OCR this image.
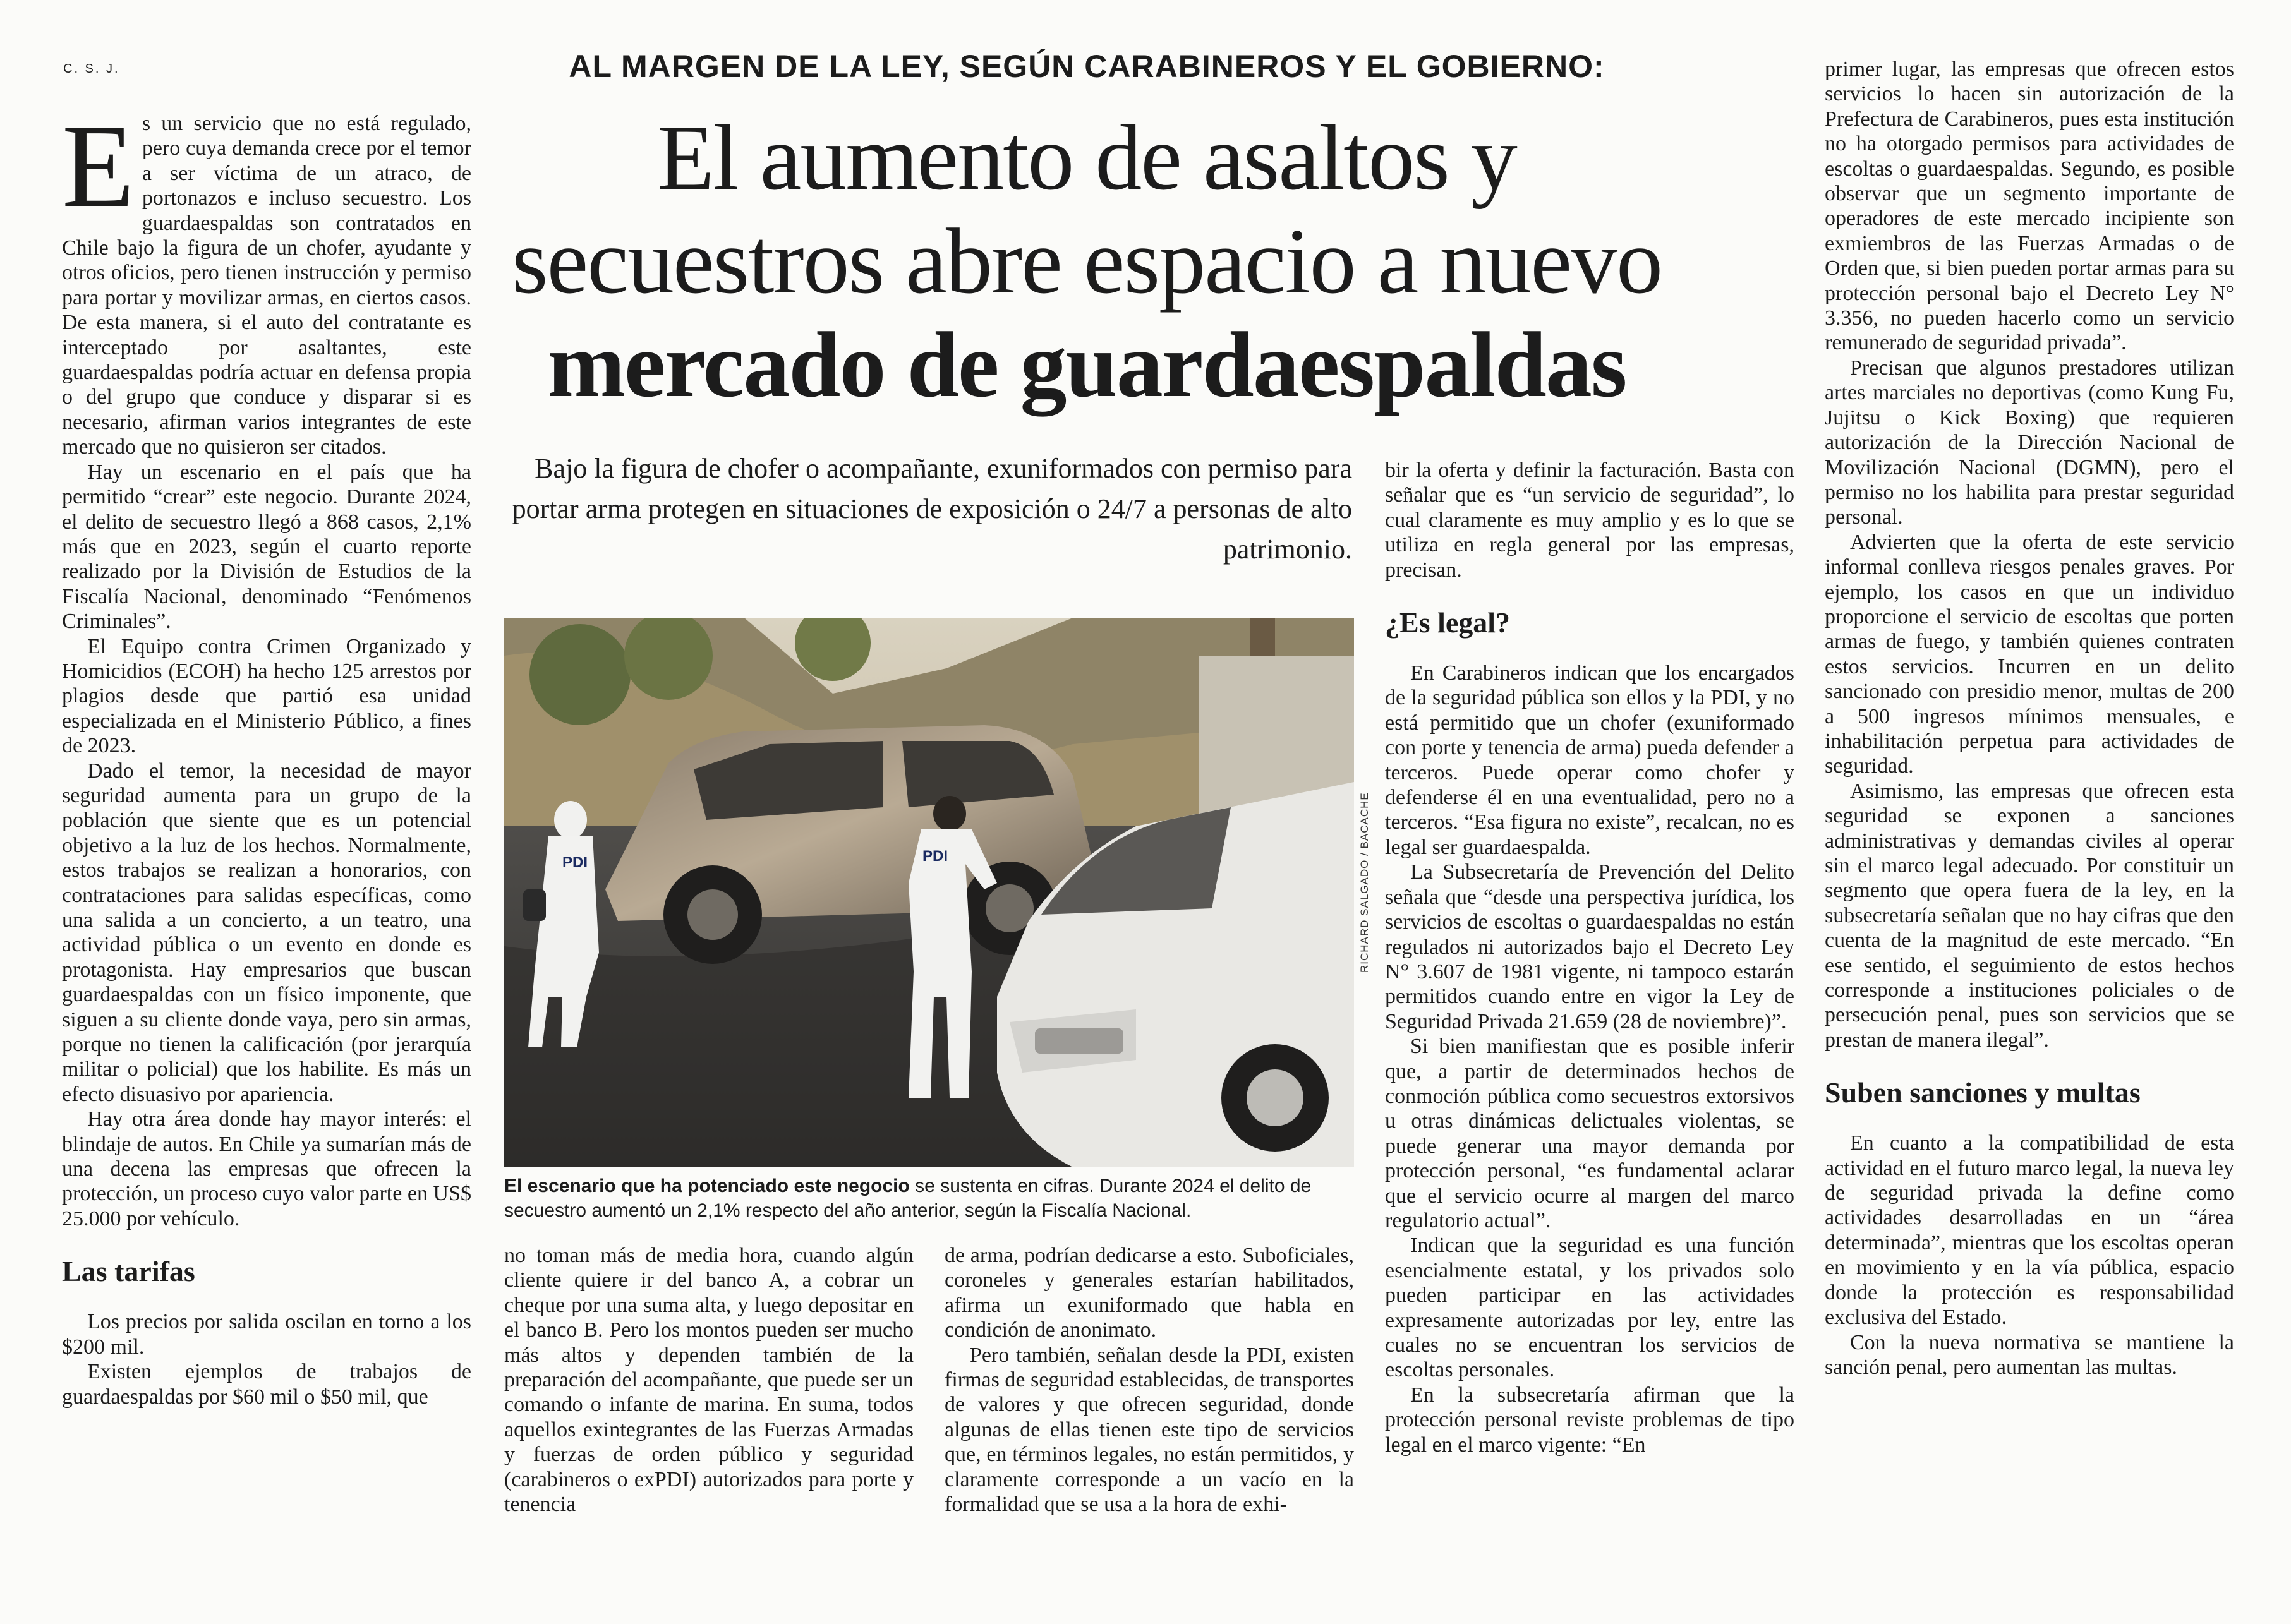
C. S. J.	AL MARGEN DE LA LEY, SEGÚN CARABINEROS Y EL GOBIERNO:
El aumento de asaltos y
secuestros abre espacio a nuevo
mercado de guardaespaldas
Bajo la figura de chofer o acompañante, exuniformados con permiso para portar arma protegen en situaciones de exposición o 24/7 a personas de alto patrimonio.

Es un servicio que no está regulado, pero cuya demanda crece por el temor a ser víctima de un atraco, de portonazos e incluso secuestro. Los guardaespaldas son contratados en Chile bajo la figura de un chofer, ayudante y otros oficios, pero tienen instrucción y permiso para portar y movilizar armas, en ciertos casos. De esta manera, si el auto del contratante es interceptado por asaltantes, este guardaespaldas podría actuar en defensa propia o del grupo que conduce y disparar si es necesario, afirman varios integrantes de este mercado que no quisieron ser citados.

Hay un escenario en el país que ha permitido “crear” este negocio. Durante 2024, el delito de secuestro llegó a 868 casos, 2,1% más que en 2023, según el cuarto reporte realizado por la División de Estudios de la Fiscalía Nacional, denominado “Fenómenos Criminales”.

El Equipo contra Crimen Organizado y Homicidios (ECOH) ha hecho 125 arrestos por plagios desde que partió esa unidad especializada en el Ministerio Público, a fines de 2023.

Dado el temor, la necesidad de mayor seguridad aumenta para un grupo de la población que siente que es un potencial objetivo a la luz de los hechos. Normalmente, estos trabajos se realizan a honorarios, con contrataciones para salidas específicas, como una salida a un concierto, a un teatro, una actividad pública o un evento en donde es protagonista. Hay empresarios que buscan guardaespaldas con un físico imponente, que siguen a su cliente donde vaya, pero sin armas, porque no tienen la calificación (por jerarquía militar o policial) que los habilite. Es más un efecto disuasivo por apariencia.

Hay otra área donde hay mayor interés: el blindaje de autos. En Chile ya sumarían más de una decena las empresas que ofrecen la protección, un proceso cuyo valor parte en US$ 25.000 por vehículo.

Las tarifas

Los precios por salida oscilan en torno a los $200 mil.

Existen ejemplos de trabajos de guardaespaldas por $60 mil o $50 mil, que

PDI	PDI	RICHARD SALGADO / BACACHE
El escenario que ha potenciado este negocio se sustenta en cifras. Durante 2024 el delito de secuestro aumentó un 2,1% respecto del año anterior, según la Fiscalía Nacional.

no toman más de media hora, cuando algún cliente quiere ir del banco A, a cobrar un cheque por una suma alta, y luego depositar en el banco B. Pero los montos pueden ser mucho más altos y dependen también de la preparación del acompañante, que puede ser un comando o infante de marina. En suma, todos aquellos exintegrantes de las Fuerzas Armadas y fuerzas de orden público y seguridad (carabineros o exPDI) autorizados para porte y tenencia

de arma, podrían dedicarse a esto. Suboficiales, coroneles y generales estarían habilitados, afirma un exuniformado que habla en condición de anonimato.

Pero también, señalan desde la PDI, existen firmas de seguridad establecidas, de transportes de valores y que ofrecen seguridad, donde algunas de ellas tienen este tipo de servicios que, en términos legales, no están permitidos, y claramente corresponde a un vacío en la formalidad que se usa a la hora de exhi-

bir la oferta y definir la facturación. Basta con señalar que es “un servicio de seguridad”, lo cual claramente es muy amplio y es lo que se utiliza en regla general por las empresas, precisan.

¿Es legal?

En Carabineros indican que los encargados de la seguridad pública son ellos y la PDI, y no está permitido que un chofer (exuniformado con porte y tenencia de arma) pueda defender a terceros. Puede operar como chofer y defenderse él en una eventualidad, pero no a terceros. “Esa figura no existe”, recalcan, no es legal ser guardaespalda.

La Subsecretaría de Prevención del Delito señala que “desde una perspectiva jurídica, los servicios de escoltas o guardaespaldas no están regulados ni autorizados bajo el Decreto Ley N° 3.607 de 1981 vigente, ni tampoco estarán permitidos cuando entre en vigor la Ley de Seguridad Privada 21.659 (28 de noviembre)”.

Si bien manifiestan que es posible inferir que, a partir de determinados hechos de conmoción pública como secuestros extorsivos u otras dinámicas delictuales violentas, se puede generar una mayor demanda por protección personal, “es fundamental aclarar que el servicio ocurre al margen del marco regulatorio actual”.

Indican que la seguridad es una función esencialmente estatal, y los privados solo pueden participar en las actividades expresamente autorizadas por ley, entre las cuales no se encuentran los servicios de escoltas personales.

En la subsecretaría afirman que la protección personal reviste problemas de tipo legal en el marco vigente: “En

primer lugar, las empresas que ofrecen estos servicios lo hacen sin autorización de la Prefectura de Carabineros, pues esta institución no ha otorgado permisos para actividades de escoltas o guardaespaldas. Segundo, es posible observar que un segmento importante de operadores de este mercado incipiente son exmiembros de las Fuerzas Armadas o de Orden que, si bien pueden portar armas para su protección personal bajo el Decreto Ley N° 3.356, no pueden hacerlo como un servicio remunerado de seguridad privada”.

Precisan que algunos prestadores utilizan artes marciales no deportivas (como Kung Fu, Jujitsu o Kick Boxing) que requieren autorización de la Dirección Nacional de Movilización Nacional (DGMN), pero el permiso no los habilita para prestar seguridad personal.

Advierten que la oferta de este servicio informal conlleva riesgos penales graves. Por ejemplo, los casos en que un individuo proporcione el servicio de escoltas que porten armas de fuego, y también quienes contraten estos servicios. Incurren en un delito sancionado con presidio menor, multas de 200 a 500 ingresos mínimos mensuales, e inhabilitación perpetua para actividades de seguridad.

Asimismo, las empresas que ofrecen esta seguridad se exponen a sanciones administrativas y demandas civiles al operar sin el marco legal adecuado. Por constituir un segmento que opera fuera de la ley, en la subsecretaría señalan que no hay cifras que den cuenta de la magnitud de este mercado. “En ese sentido, el seguimiento de estos hechos corresponde a instituciones policiales o de persecución penal, pues son servicios que se prestan de manera ilegal”.

Suben sanciones y multas

En cuanto a la compatibilidad de esta actividad en el futuro marco legal, la nueva ley de seguridad privada la define como actividades desarrolladas en un “área determinada”, mientras que los escoltas operan en movimiento y en la vía pública, espacio donde la protección es responsabilidad exclusiva del Estado.

Con la nueva normativa se mantiene la sanción penal, pero aumentan las multas.
